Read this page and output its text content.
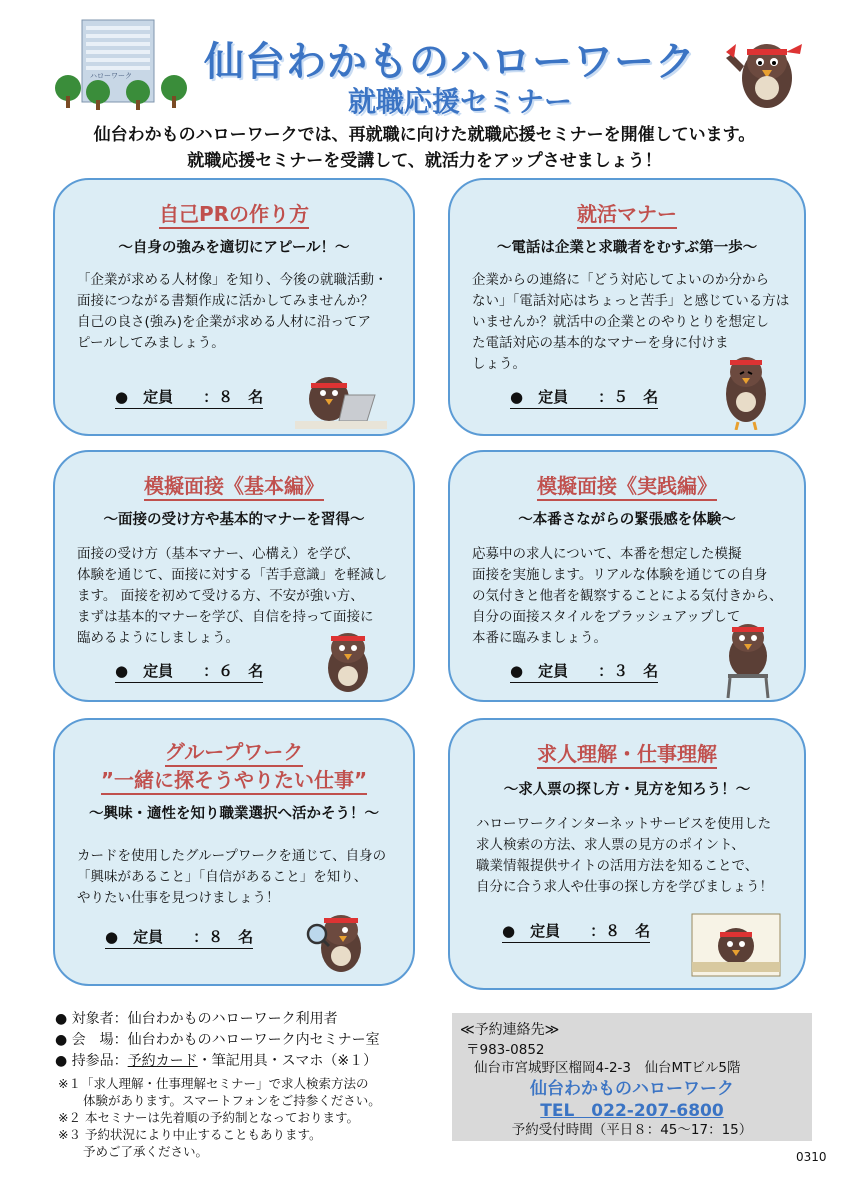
ハローワーク	仙台わかものハローワーク
就職応援セミナー
仙台わかものハローワークでは、再就職に向けた就職応援セミナーを開催しています。
就職応援セミナーを受講して、就活力をアップさせましょう！
自己PRの作り方
～自身の強みを適切にアピール！～
「企業が求める人材像」を知り、今後の就職活動・
面接につながる書類作成に活かしてみませんか？
自己の良さ(強み)を企業が求める人材に沿ってア
ピールしてみましょう。
●　定員　　：８　名
就活マナー
～電話は企業と求職者をむすぶ第一歩～
企業からの連絡に「どう対応してよいのか分から
ない」「電話対応はちょっと苦手」と感じている方は
いませんか？就活中の企業とのやりとりを想定し
た電話対応の基本的なマナーを身に付けま
しょう。
●　定員　　：５　名
模擬面接《基本編》
～面接の受け方や基本的マナーを習得～
面接の受け方（基本マナー、心構え）を学び、
体験を通じて、面接に対する「苦手意識」を軽減し
ます。 面接を初めて受ける方、不安が強い方、
まずは基本的マナーを学び、自信を持って面接に
臨めるようにしましょう。
●　定員　　：６　名
模擬面接《実践編》
～本番さながらの緊張感を体験～
応募中の求人について、本番を想定した模擬
面接を実施します。リアルな体験を通じての自身
の気付きと他者を観察することによる気付きから、
自分の面接スタイルをブラッシュアップして
本番に臨みましょう。
●　定員　　：３　名
グループワーク
”一緒に探そうやりたい仕事”
～興味・適性を知り職業選択へ活かそう！～
カードを使用したグループワークを通じて、自身の
「興味があること」「自信があること」を知り、
やりたい仕事を見つけましょう！
●　定員　　：８　名
求人理解・仕事理解
～求人票の探し方・見方を知ろう！～
ハローワークインターネットサービスを使用した
求人検索の方法、求人票の見方のポイント、
職業情報提供サイトの活用方法を知ることで、
自分に合う求人や仕事の探し方を学びましょう！
●　定員　　：８　名
● 対象者：仙台わかものハローワーク利用者
● 会　場：仙台わかものハローワーク内セミナー室
● 持参品：予約カード・筆記用具・スマホ（※１）
※１「求人理解・仕事理解セミナー」で求人検索方法の
　　体験があります。スマートフォンをご持参ください。
※２ 本セミナーは先着順の予約制となっております。
※３ 予約状況により中止することもあります。
　　予めご了承ください。
≪予約連絡先≫
〒983-0852
仙台市宮城野区榴岡4-2-3　仙台MTビル5階
仙台わかものハローワーク
TEL　022-207-6800
予約受付時間（平日８：45～17：15）
0310
